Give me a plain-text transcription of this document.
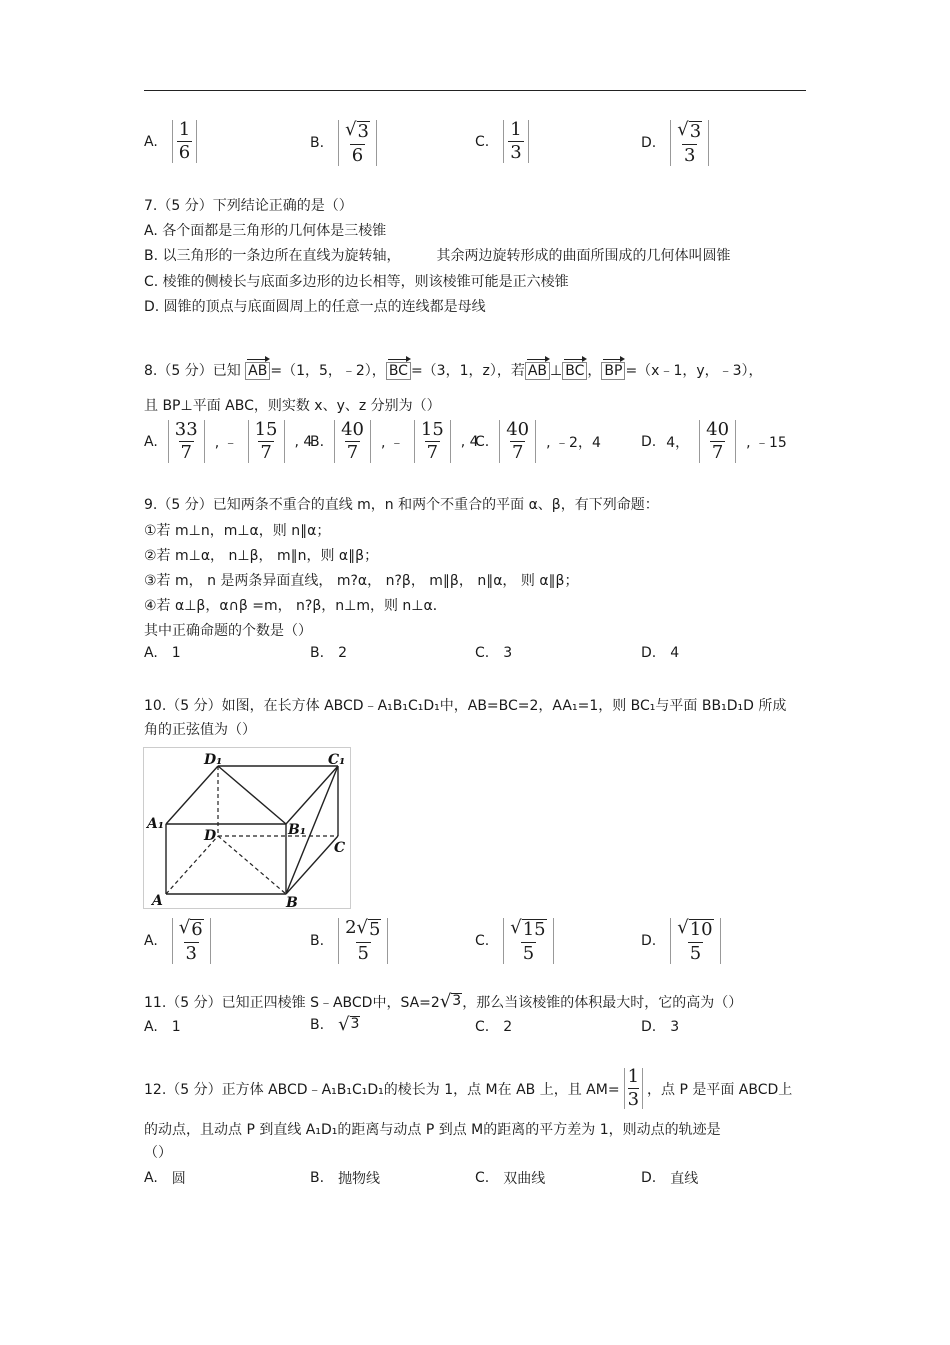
A. $\frac{1}{6}$	B. $\frac{√ 3}{6}$	C. $\frac{1}{3}$	D. $\frac{√ 3}{3}$
7.（5 分）下列结论正确的是（）
A. 各个面都是三角形的几何体是三棱锥
B. 以三角形的一条边所在直线为旋转轴，	其余两边旋转形成的曲面所围成的几何体叫圆锥
C. 棱锥的侧棱长与底面多边形的边长相等，则该棱锥可能是正六棱锥
D. 圆锥的顶点与底面圆周上的任意一点的连线都是母线
8.（5 分）已知 AB =（1，5，﹣2）， BC =（3，1，z），若 AB ⊥ BC ， BP =（x﹣1，y，﹣3），
且 BP⊥平面 ABC，则实数 x、y、z 分别为（）
A. $\frac{33}{7}$ , ﹣ $\frac{15}{7}$ , 4
B. $\frac{40}{7}$ , ﹣ $\frac{15}{7}$ , 4
C. $\frac{40}{7}$ , ﹣2，4	D. 4， $\frac{40}{7}$ , ﹣15
9.（5 分）已知两条不重合的直线 m，n 和两个不重合的平面 α、β，有下列命题：
①若 m⊥n，m⊥α，则 n∥α；
②若 m⊥α， n⊥β， m∥n，则 α∥β；
③若 m， n 是两条异面直线， m?α， n?β， m∥β， n∥α， 则 α∥β；
④若 α⊥β，α∩β =m， n?β，n⊥m，则 n⊥α．
其中正确命题的个数是（）
A. 1	B. 2	C. 3	D. 4
10.（5 分）如图，在长方体 ABCD﹣A₁B₁C₁D₁中，AB=BC=2，AA₁=1，则 BC₁与平面 BB₁D₁D 所成
角的正弦值为（）
D₁	C₁
A₁	B₁
D
C
A	B
A. $\frac{√ 6}{3}$	B. $\frac{2 √ 5}{5}$	C. $\frac{√ 15}{5}$	D. $\frac{√ 10}{5}$
11.（5 分）已知正四棱锥 S﹣ABCD中，SA=2 √ 3 ，那么当该棱锥的体积最大时，它的高为（）
A. 1	B. √ 3	C. 2	D. 3
12.（5 分）正方体 ABCD﹣A₁B₁C₁D₁的棱长为 1，点 M在 AB 上，且 $AM= \frac{1}{3}$ ，点 P 是平面 ABCD上
的动点，且动点 P 到直线 A₁D₁的距离与动点 P 到点 M的距离的平方差为 1，则动点的轨迹是
（）
A. 圆	B. 抛物线	C. 双曲线	D. 直线
